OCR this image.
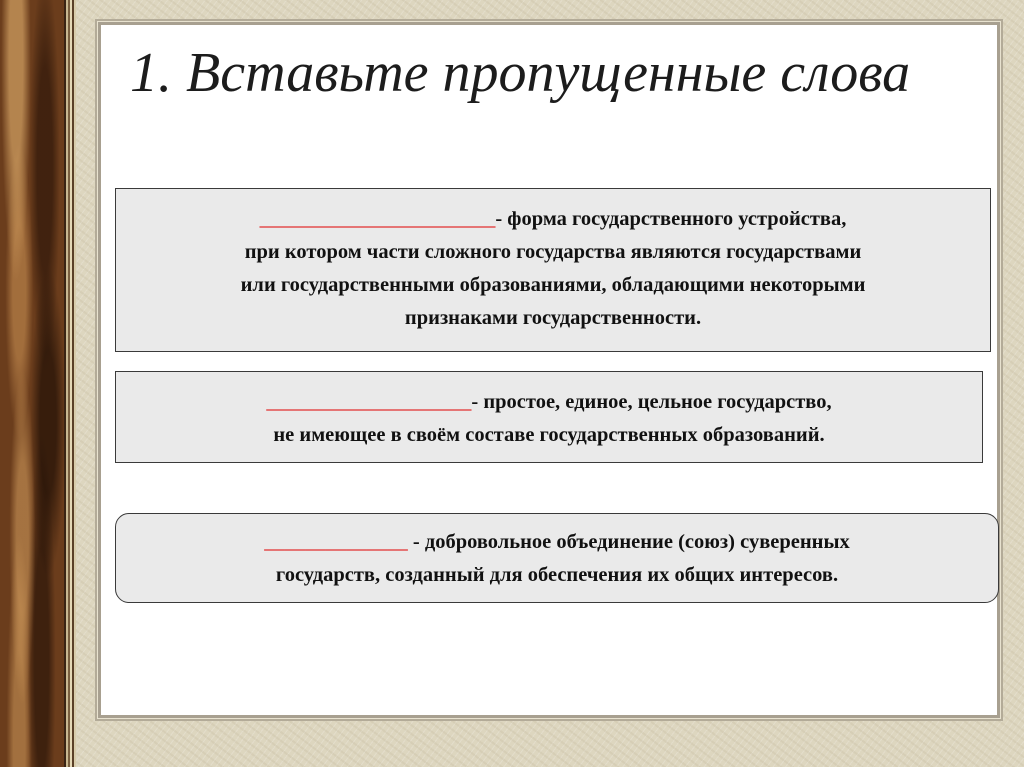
1. Вставьте пропущенные слова
_______________________- форма государственного устройства,
при котором части сложного государства являются государствами
или государственными образованиями, обладающими некоторыми
признаками государственности.
____________________- простое, единое, цельное государство,
не имеющее в своём составе государственных образований.
______________ - добровольное объединение (союз) суверенных
государств, созданный для обеспечения их общих интересов.
